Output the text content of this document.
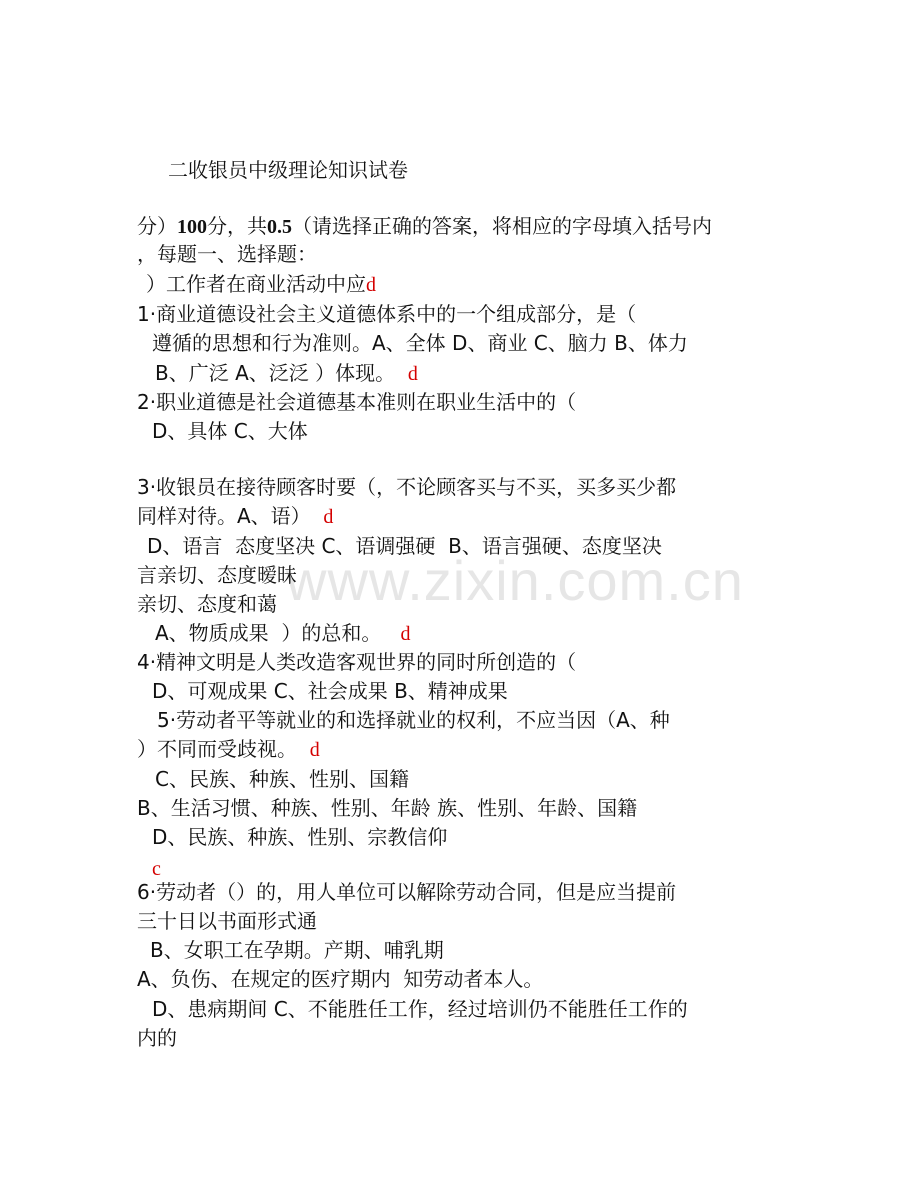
www.zixin.com.cn
二收银员中级理论知识试卷
分）100分，共0.5（请选择正确的答案，将相应的字母填入括号内
，每题一、选择题：
）工作者在商业活动中应d
1·商业道德设社会主义道德体系中的一个组成部分，是（
遵循的思想和行为准则。A、全体 D、商业 C、脑力 B、体力
B、广泛 A、泛泛 ）体现。 d
2·职业道德是社会道德基本准则在职业生活中的（
D、具体 C、大体
3·收银员在接待顾客时要（，不论顾客买与不买，买多买少都
同样对待。A、语） d
D、语言  态度坚决 C、语调强硬  B、语言强硬、态度坚决
言亲切、态度暧昧
亲切、态度和蔼
A、物质成果  ）的总和。 d
4·精神文明是人类改造客观世界的同时所创造的（
D、可观成果 C、社会成果 B、精神成果
5·劳动者平等就业的和选择就业的权利，不应当因（A、种
）不同而受歧视。 d
C、民族、种族、性别、国籍
B、生活习惯、种族、性别、年龄 族、性别、年龄、国籍
D、民族、种族、性别、宗教信仰
c
6·劳动者（）的，用人单位可以解除劳动合同，但是应当提前
三十日以书面形式通
B、女职工在孕期。产期、哺乳期
A、负伤、在规定的医疗期内  知劳动者本人。
D、患病期间 C、不能胜任工作，经过培训仍不能胜任工作的
内的
